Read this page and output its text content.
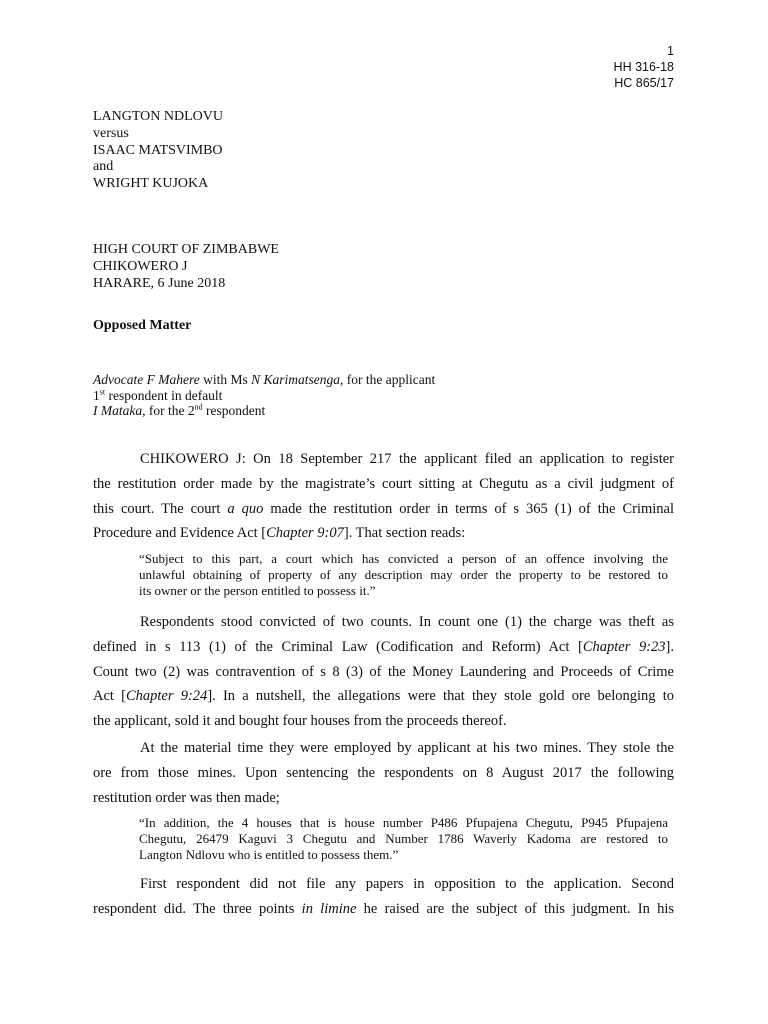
1
HH 316-18
HC 865/17
LANGTON NDLOVU
versus
ISAAC MATSVIMBO
and
WRIGHT KUJOKA
HIGH COURT OF ZIMBABWE
CHIKOWERO J
HARARE, 6 June 2018
Opposed Matter
Advocate F Mahere with Ms N Karimatsenga, for the applicant
1st respondent in default
I Mataka, for the 2nd respondent
CHIKOWERO J: On 18 September 217 the applicant filed an application to register
the restitution order made by the magistrate’s court sitting at Chegutu as a civil judgment of
this court. The court a quo made the restitution order in terms of s 365 (1) of the Criminal
Procedure and Evidence Act [Chapter 9:07]. That section reads:
“Subject to this part, a court which has convicted a person of an offence involving the
unlawful obtaining of property of any description may order the property to be restored to
its owner or the person entitled to possess it.”
Respondents stood convicted of two counts. In count one (1) the charge was theft as
defined in s 113 (1) of the Criminal Law (Codification and Reform) Act [Chapter 9:23].
Count two (2) was contravention of s 8 (3) of the Money Laundering and Proceeds of Crime
Act [Chapter 9:24]. In a nutshell, the allegations were that they stole gold ore belonging to
the applicant, sold it and bought four houses from the proceeds thereof.
At the material time they were employed by applicant at his two mines. They stole the
ore from those mines. Upon sentencing the respondents on 8 August 2017 the following
restitution order was then made;
“In addition, the 4 houses that is house number P486 Pfupajena Chegutu, P945 Pfupajena
Chegutu, 26479 Kaguvi 3 Chegutu and Number 1786 Waverly Kadoma are restored to
Langton Ndlovu who is entitled to possess them.”
First respondent did not file any papers in opposition to the application. Second
respondent did. The three points in limine he raised are the subject of this judgment. In his
